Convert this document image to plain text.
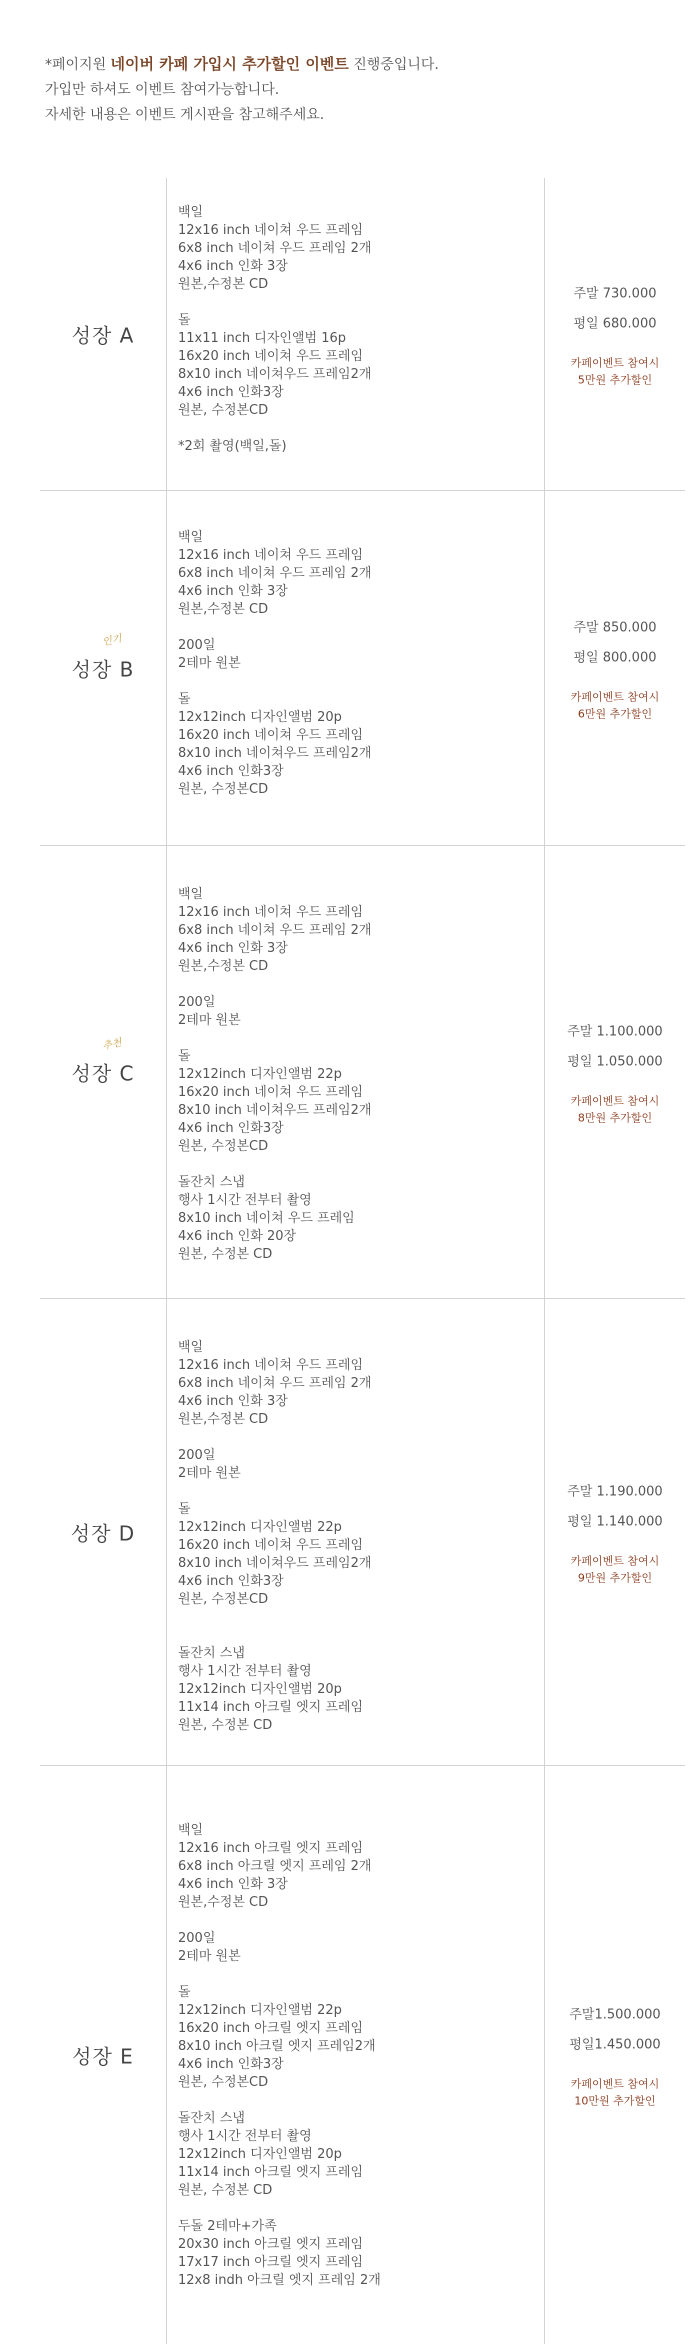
*페이지원 네이버 카페 가입시 추가할인 이벤트 진행중입니다.
가입만 하셔도 이벤트 참여가능합니다.
자세한 내용은 이벤트 게시판을 참고해주세요.
성장 A
백일
12x16 inch 네이쳐 우드 프레임
6x8 inch 네이쳐 우드 프레임 2개
4x6 inch 인화 3장
원본,수정본 CD
돌
11x11 inch 디자인앨범 16p
16x20 inch 네이쳐 우드 프레임
8x10 inch 네이쳐우드 프레임2개
4x6 inch 인화3장
원본, 수정본CD
*2회 촬영(백일,돌)
주말 730.000
평일 680.000
카페이벤트 참여시
5만원 추가할인
인기
성장 B
백일
12x16 inch 네이쳐 우드 프레임
6x8 inch 네이쳐 우드 프레임 2개
4x6 inch 인화 3장
원본,수정본 CD
200일
2테마 원본
돌
12x12inch 디자인앨범 20p
16x20 inch 네이쳐 우드 프레임
8x10 inch 네이쳐우드 프레임2개
4x6 inch 인화3장
원본, 수정본CD
주말 850.000
평일 800.000
카페이벤트 참여시
6만원 추가할인
추천
성장 C
백일
12x16 inch 네이쳐 우드 프레임
6x8 inch 네이쳐 우드 프레임 2개
4x6 inch 인화 3장
원본,수정본 CD
200일
2테마 원본
돌
12x12inch 디자인앨범 22p
16x20 inch 네이쳐 우드 프레임
8x10 inch 네이쳐우드 프레임2개
4x6 inch 인화3장
원본, 수정본CD
돌잔치 스냅
행사 1시간 전부터 촬영
8x10 inch 네이쳐 우드 프레임
4x6 inch 인화 20장
원본, 수정본 CD
주말 1.100.000
평일 1.050.000
카페이벤트 참여시
8만원 추가할인
성장 D
백일
12x16 inch 네이쳐 우드 프레임
6x8 inch 네이쳐 우드 프레임 2개
4x6 inch 인화 3장
원본,수정본 CD
200일
2테마 원본
돌
12x12inch 디자인앨범 22p
16x20 inch 네이쳐 우드 프레임
8x10 inch 네이쳐우드 프레임2개
4x6 inch 인화3장
원본, 수정본CD
돌잔치 스냅
행사 1시간 전부터 촬영
12x12inch 디자인앨범 20p
11x14 inch 아크릴 엣지 프레임
원본, 수정본 CD
주말 1.190.000
평일 1.140.000
카페이벤트 참여시
9만원 추가할인
성장 E
백일
12x16 inch 아크릴 엣지 프레임
6x8 inch 아크릴 엣지 프레임 2개
4x6 inch 인화 3장
원본,수정본 CD
200일
2테마 원본
돌
12x12inch 디자인앨범 22p
16x20 inch 아크릴 엣지 프레임
8x10 inch 아크릴 엣지 프레임2개
4x6 inch 인화3장
원본, 수정본CD
돌잔치 스냅
행사 1시간 전부터 촬영
12x12inch 디자인앨범 20p
11x14 inch 아크릴 엣지 프레임
원본, 수정본 CD
두돌 2테마+가족
20x30 inch 아크릴 엣지 프레임
17x17 inch 아크릴 엣지 프레임
12x8 indh 아크릴 엣지 프레임 2개
주말1.500.000
평일1.450.000
카페이벤트 참여시
10만원 추가할인
